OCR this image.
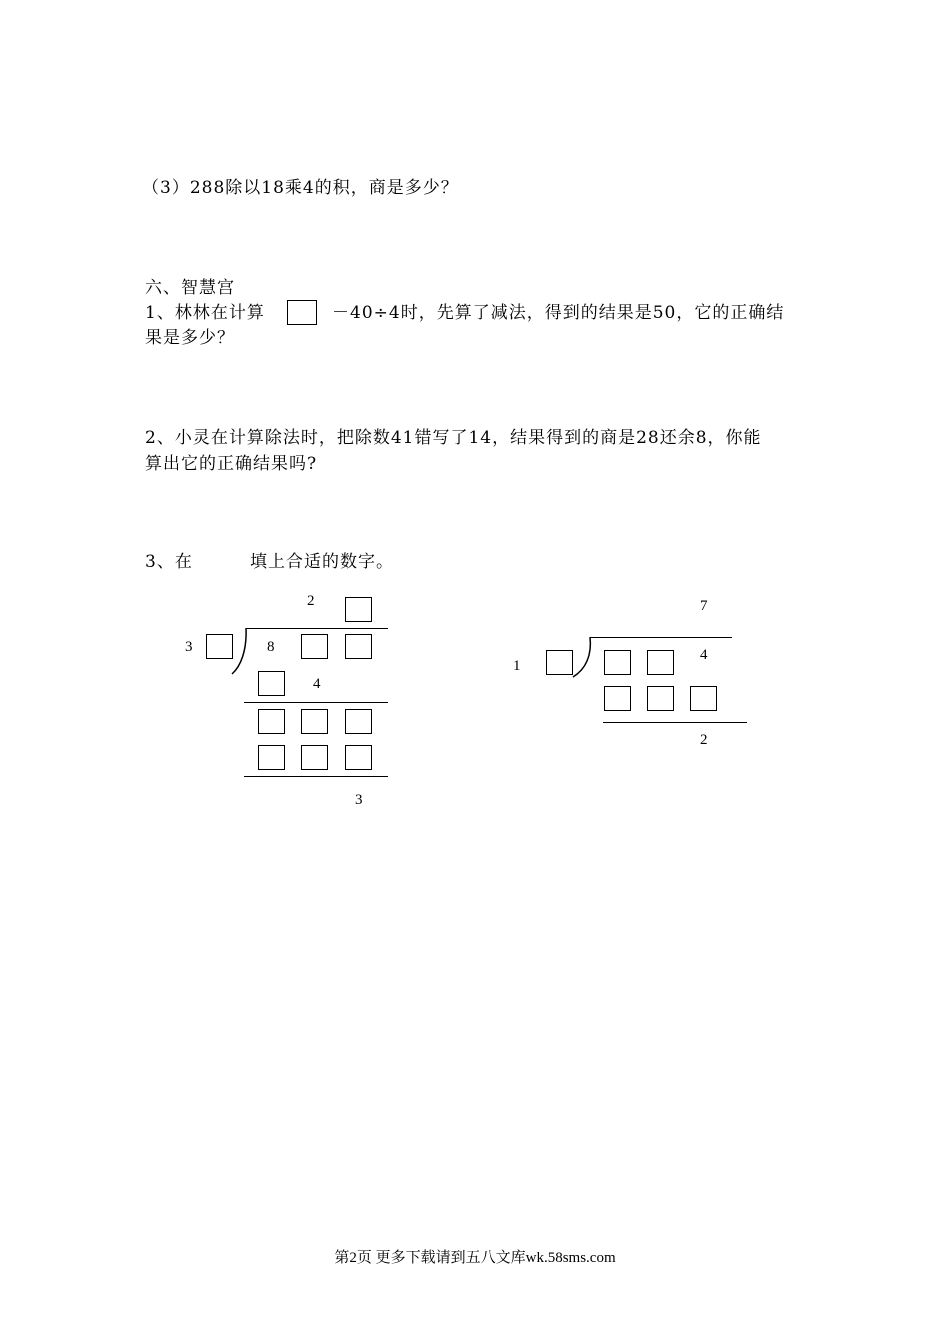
（3）288除以18乘4的积，商是多少？
六、智慧宫
1、林林在计算	－40÷4时，先算了减法，得到的结果是50，它的正确结
果是多少？
2、小灵在计算除法时，把除数41错写了14，结果得到的商是28还余8，你能
算出它的正确结果吗?
3、在	填上合适的数字。
2
3	8
4
3
7
1
4
2
第2页 更多下载请到五八文库wk.58sms.com
